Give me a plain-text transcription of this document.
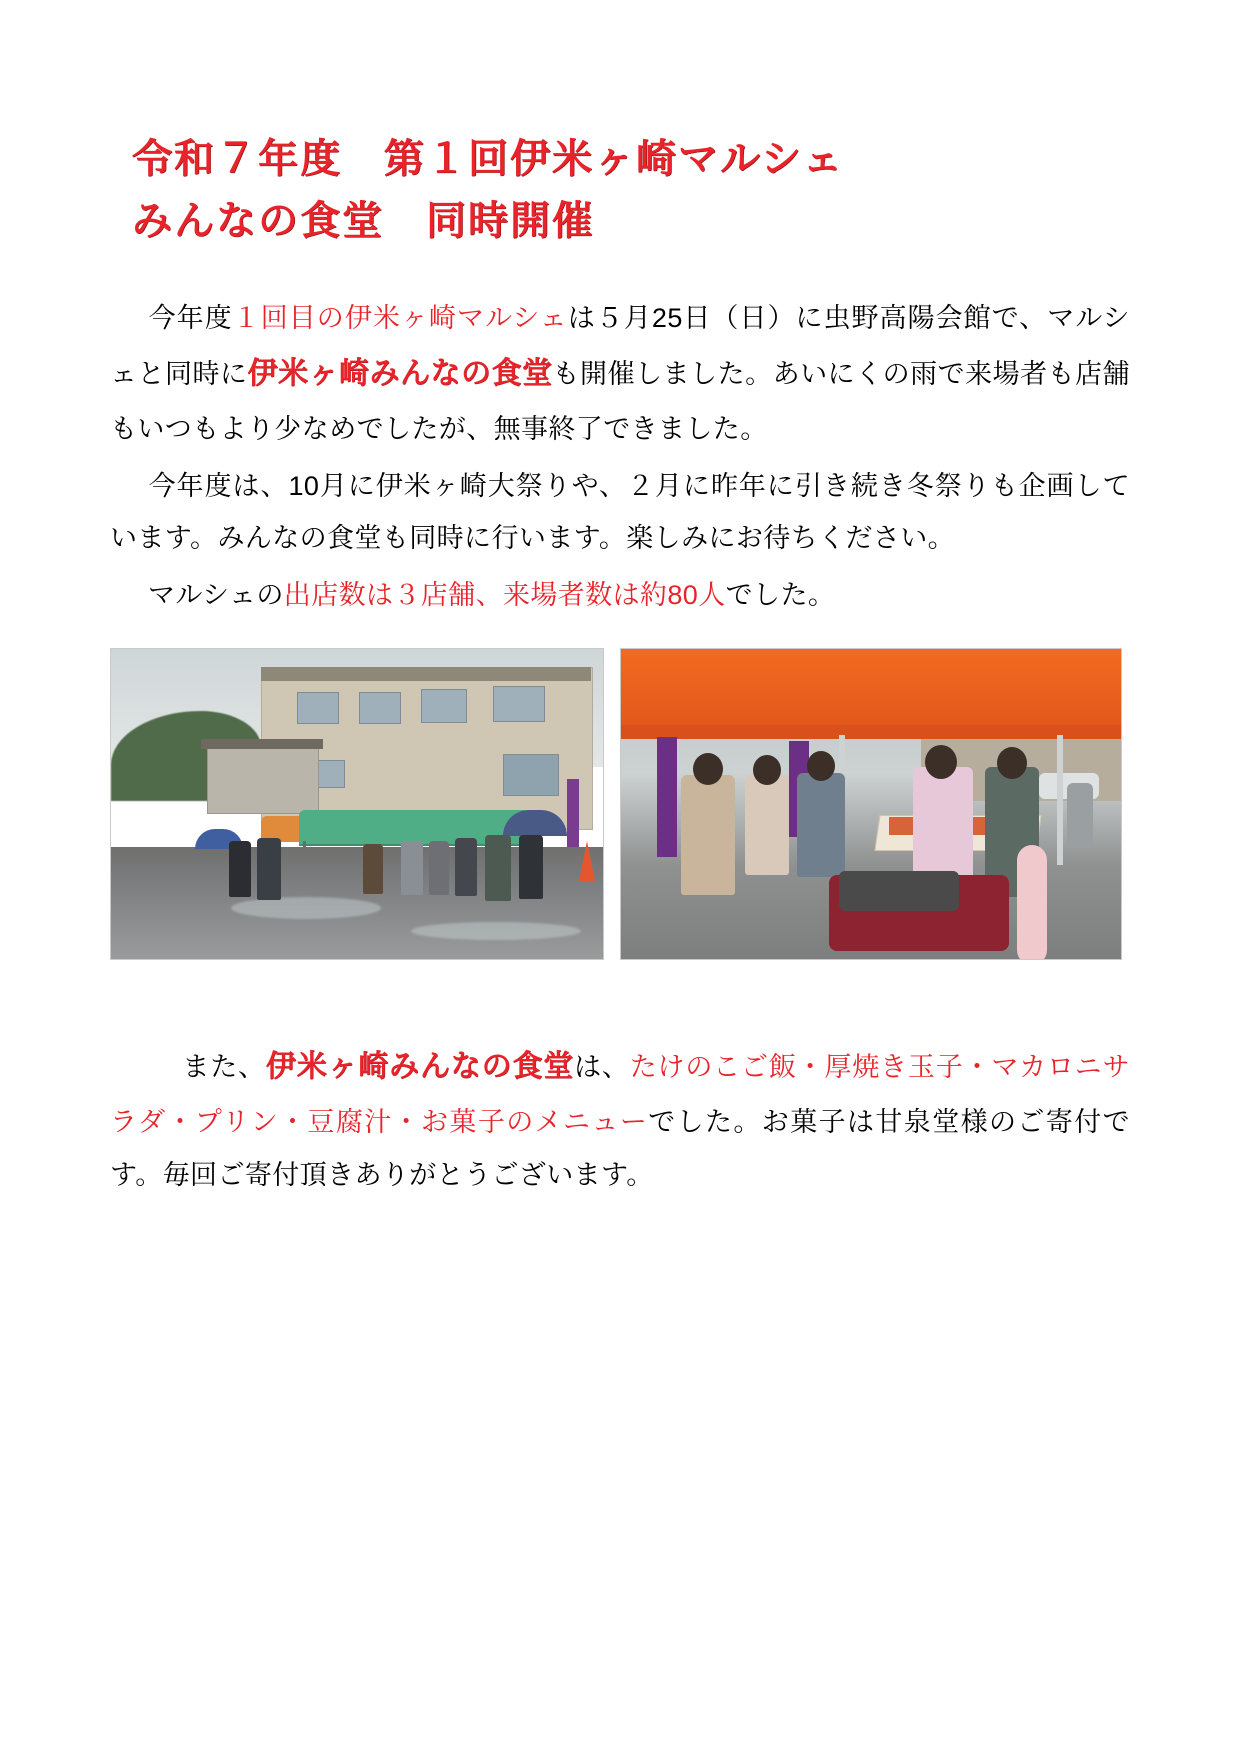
令和７年度　第１回伊米ヶ崎マルシェ
みんなの食堂　同時開催

今年度１回目の伊米ヶ崎マルシェは５月25日（日）に虫野高陽会館で、マルシェと同時に伊米ヶ崎みんなの食堂も開催しました。あいにくの雨で来場者も店舗もいつもより少なめでしたが、無事終了できました。

今年度は、10月に伊米ヶ崎大祭りや、２月に昨年に引き続き冬祭りも企画しています。みんなの食堂も同時に行います。楽しみにお待ちください。

マルシェの出店数は３店舗、来場者数は約80人でした。

また、伊米ヶ崎みんなの食堂は、たけのこご飯・厚焼き玉子・マカロニサラダ・プリン・豆腐汁・お菓子のメニューでした。お菓子は甘泉堂様のご寄付です。毎回ご寄付頂きありがとうございます。
